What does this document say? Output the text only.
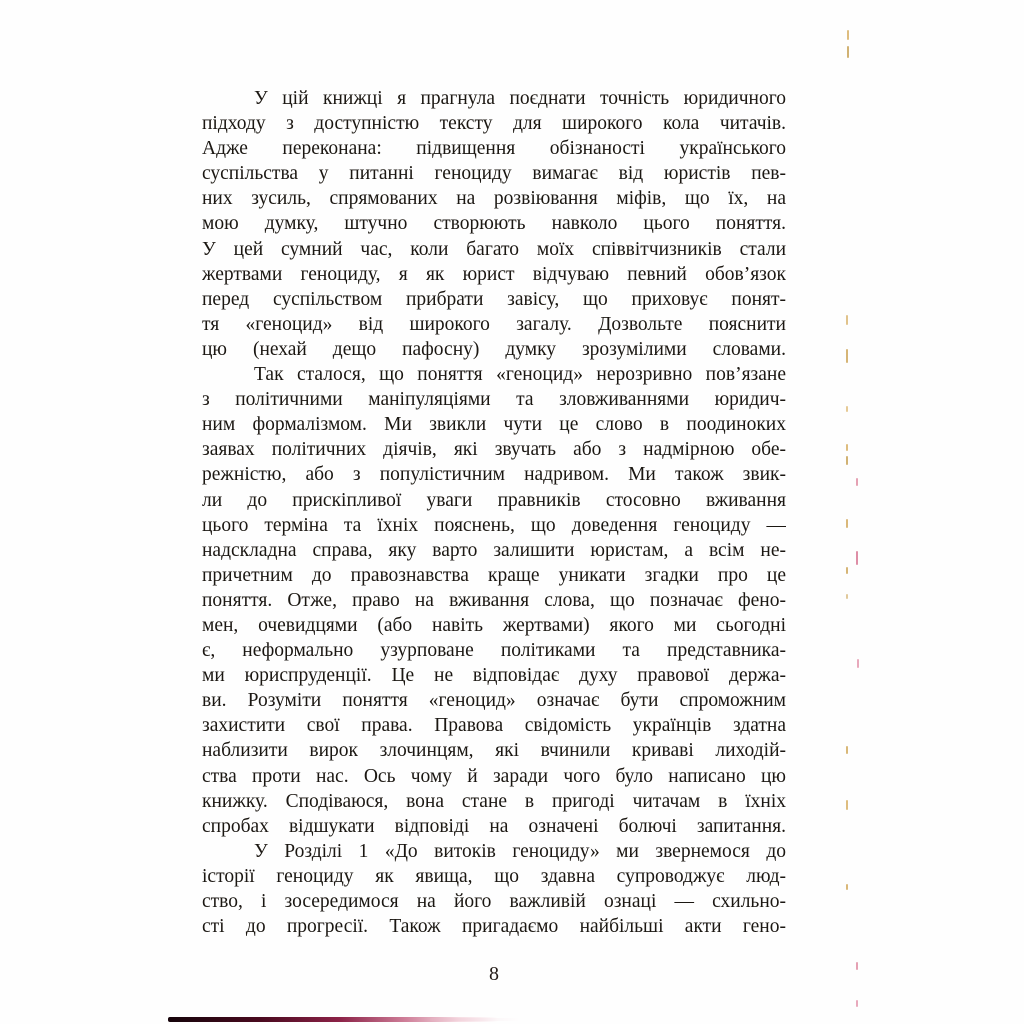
У цій книжці я прагнула поєднати точність юридичного
підходу з доступністю тексту для широкого кола читачів.
Адже переконана: підвищення обізнаності українського
суспільства у питанні геноциду вимагає від юристів пев-
них зусиль, спрямованих на розвіювання міфів, що їх, на
мою думку, штучно створюють навколо цього поняття.
У цей сумний час, коли багато моїх співвітчизників стали
жертвами геноциду, я як юрист відчуваю певний обов’язок
перед суспільством прибрати завісу, що приховує понят-
тя «геноцид» від широкого загалу. Дозвольте пояснити
цю (нехай дещо пафосну) думку зрозумілими словами.
Так сталося, що поняття «геноцид» нерозривно пов’язане
з політичними маніпуляціями та зловживаннями юридич-
ним формалізмом. Ми звикли чути це слово в поодиноких
заявах політичних діячів, які звучать або з надмірною обе-
режністю, або з популістичним надривом. Ми також звик-
ли до прискіпливої уваги правників стосовно вживання
цього терміна та їхніх пояснень, що доведення геноциду —
надскладна справа, яку варто залишити юристам, а всім не-
причетним до правознавства краще уникати згадки про це
поняття. Отже, право на вживання слова, що позначає фено-
мен, очевидцями (або навіть жертвами) якого ми сьогодні
є, неформально узурповане політиками та представника-
ми юриспруденції. Це не відповідає духу правової держа-
ви. Розуміти поняття «геноцид» означає бути спроможним
захистити свої права. Правова свідомість українців здатна
наблизити вирок злочинцям, які вчинили криваві лиходій-
ства проти нас. Ось чому й заради чого було написано цю
книжку. Сподіваюся, вона стане в пригоді читачам в їхніх
спробах відшукати відповіді на означені болючі запитання.
У Розділі 1 «До витоків геноциду» ми звернемося до
історії геноциду як явища, що здавна супроводжує люд-
ство, і зосередимося на його важливій ознаці — схильно-
сті до прогресії. Також пригадаємо найбільші акти гено-
8
